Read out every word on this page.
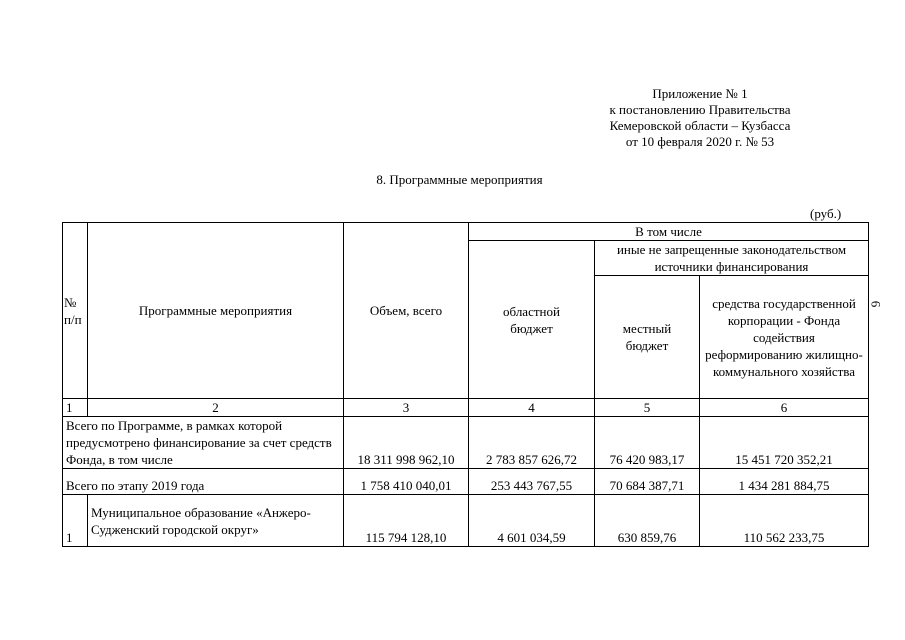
Приложение № 1
к постановлению Правительства
Кемеровской области – Кузбасса
от 10 февраля 2020 г. № 53
8. Программные мероприятия
(руб.)
6
№ п/п	Программные мероприятия	Объем, всего	В том числе		
			областной бюджет	иные не запрещенные законодательством источники финансирования	
				местный бюджет	средства государственной корпорации - Фонда содействия реформированию жилищно-коммунального хозяйства
1	2	3	4	5	6
Всего по Программе, в рамках которой предусмотрено финансирование за счет средств Фонда, в том числе		18 311 998 962,10	2 783 857 626,72	76 420 983,17	15 451 720 352,21
Всего по этапу 2019 года		1 758 410 040,01	253 443 767,55	70 684 387,71	1 434 281 884,75
1	Муниципальное образование «Анжеро-Судженский городской округ»	115 794 128,10	4 601 034,59	630 859,76	110 562 233,75
